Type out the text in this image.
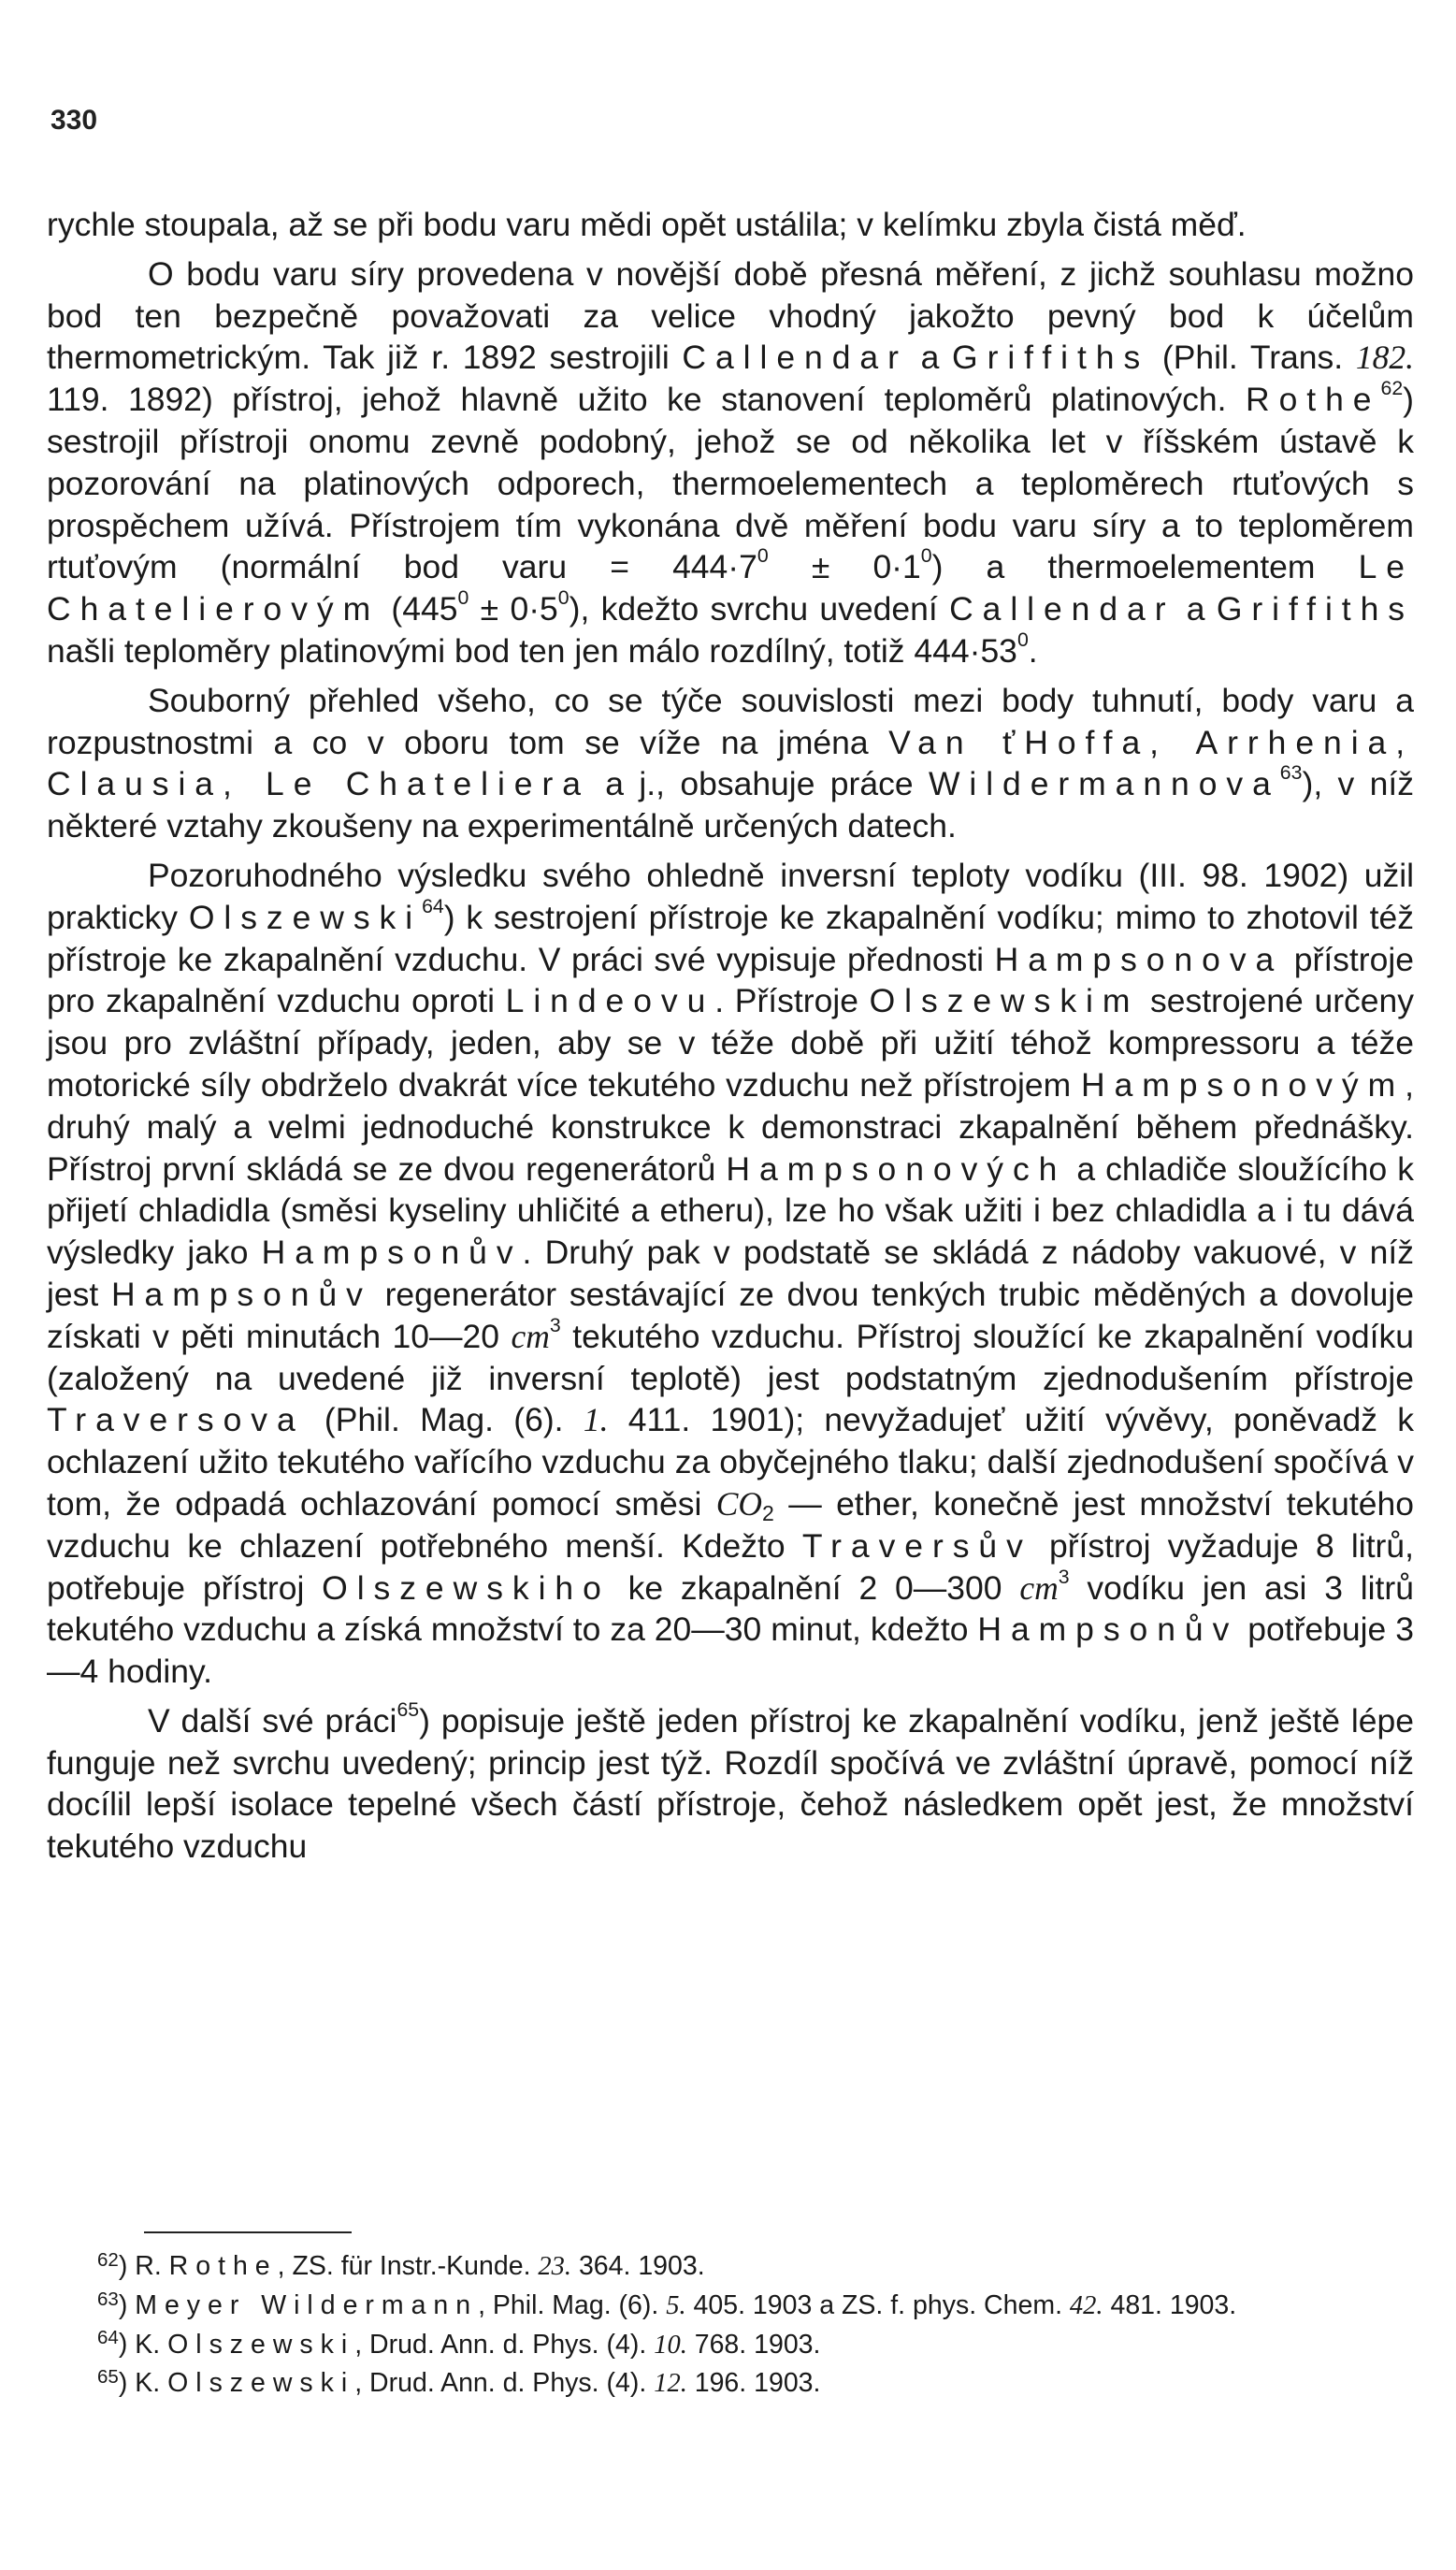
330

rychle stoupala, až se při bodu varu mědi opět ustálila; v kelímku zbyla čistá měď.

O bodu varu síry provedena v novější době přesná měření, z jichž souhlasu možno bod ten bezpečně považovati za velice vhodný jakožto pevný bod k účelům thermometrickým. Tak již r. 1892 sestrojili Callendar a Griffiths (Phil. Trans. 182. 119. 1892) přístroj, jehož hlavně užito ke stanovení teploměrů platinových. Rothe$^{62}$) sestrojil přístroji onomu zevně podobný, jehož se od několika let v říšském ústavě k pozorování na platinových odporech, thermoelementech a teploměrech rtuťových s prospěchem užívá. Přístrojem tím vykonána dvě měření bodu varu síry a to teploměrem rtuťovým (normální bod varu = $444\cdot 7^0 \pm 0\cdot 1^0$) a thermoelementem Le Chatelierovým $(445^0 \pm 0\cdot 5^0)$, kdežto svrchu uvedení Callendar a Griffiths našli teploměry platinovými bod ten jen málo rozdílný, totiž $444\cdot 53^0$.

Souborný přehled všeho, co se týče souvislosti mezi body tuhnutí, body varu a rozpustnostmi a co v oboru tom se víže na jména Van ťHoffa, Arrhenia, Clausia, Le Chateliera a j., obsahuje práce Wildermannova$^{63}$), v níž některé vztahy zkoušeny na experimentálně určených datech.

Pozoruhodného výsledku svého ohledně inversní teploty vodíku (III. 98. 1902) užil prakticky Olszewski$^{64}$) k sestrojení přístroje ke zkapalnění vodíku; mimo to zhotovil též přístroje ke zkapalnění vzduchu. V práci své vypisuje přednosti Hampsonova přístroje pro zkapalnění vzduchu oproti Lindeovu. Přístroje Olszewskim sestrojené určeny jsou pro zvláštní případy, jeden, aby se v téže době při užití téhož kompressoru a téže motorické síly obdrželo dvakrát více tekutého vzduchu než přístrojem Hampsonovým, druhý malý a velmi jednoduché konstrukce k demonstraci zkapalnění během přednášky. Přístroj první skládá se ze dvou regenerátorů Hampsonových a chladiče sloužícího k přijetí chladidla (směsi kyseliny uhličité a etheru), lze ho však užiti i bez chladidla a i tu dává výsledky jako Hampsonův. Druhý pak v podstatě se skládá z nádoby vakuové, v níž jest Hampsonův regenerátor sestávající ze dvou tenkých trubic měděných a dovoluje získati v pěti minutách 10—20 $cm^3$ tekutého vzduchu. Přístroj sloužící ke zkapalnění vodíku (založený na uvedené již inversní teplotě) jest podstatným zjednodušením přístroje Traversova (Phil. Mag. (6). 1. 411. 1901); nevyžadujeť užití vývěvy, poněvadž k ochlazení užito tekutého vařícího vzduchu za obyčejného tlaku; další zjednodušení spočívá v tom, že odpadá ochlazování pomocí směsi $CO_2$ — ether, konečně jest množství tekutého vzduchu ke chlazení potřebného menší. Kdežto Traversův přístroj vyžaduje 8 litrů, potřebuje přístroj Olszewskiho ke zkapalnění 2 0—300 $cm^3$ vodíku jen asi 3 litrů tekutého vzduchu a získá množství to za 20—30 minut, kdežto Hampsonův potřebuje 3—4 hodiny.

V další své práci$^{65}$) popisuje ještě jeden přístroj ke zkapalnění vodíku, jenž ještě lépe funguje než svrchu uvedený; princip jest týž. Rozdíl spočívá ve zvláštní úpravě, pomocí níž docílil lepší isolace tepelné všech částí přístroje, čehož následkem opět jest, že množství tekutého vzduchu

$^{62}$) R. Rothe, ZS. für Instr.-Kunde. 23. 364. 1903.
$^{63}$) Meyer Wildermann, Phil. Mag. (6). 5. 405. 1903 a ZS. f. phys. Chem. 42. 481. 1903.
$^{64}$) K. Olszewski, Drud. Ann. d. Phys. (4). 10. 768. 1903.
$^{65}$) K. Olszewski, Drud. Ann. d. Phys. (4). 12. 196. 1903.
